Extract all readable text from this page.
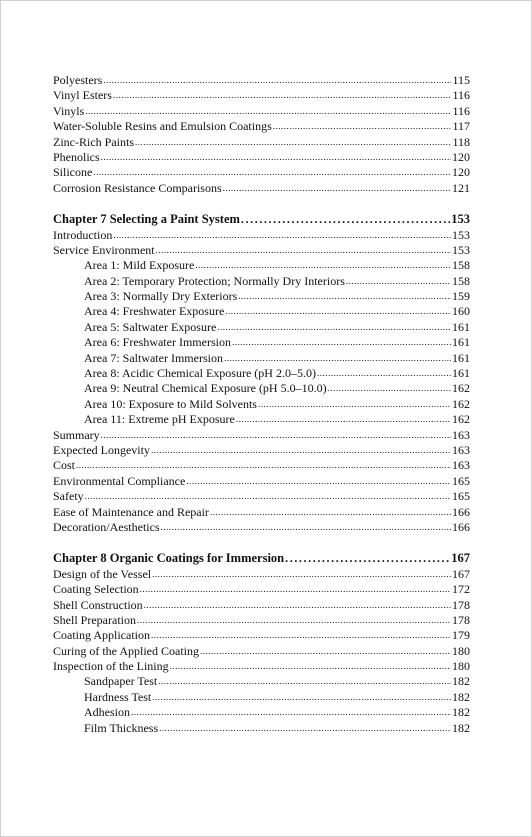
Polyesters .....	115
Vinyl Esters .....	116
Vinyls .....	116
Water-Soluble Resins and Emulsion Coatings .....	117
Zinc-Rich Paints .....	118
Phenolics .....	120
Silicone .....	120
Corrosion Resistance Comparisons .....	121
Chapter 7 Selecting a Paint System .....	153
Introduction .....	153
Service Environment .....	153
Area 1: Mild Exposure .....	158
Area 2: Temporary Protection; Normally Dry Interiors .....	158
Area 3: Normally Dry Exteriors .....	159
Area 4: Freshwater Exposure .....	160
Area 5: Saltwater Exposure .....	161
Area 6: Freshwater Immersion .....	161
Area 7: Saltwater Immersion .....	161
Area 8: Acidic Chemical Exposure (pH 2.0–5.0) .....	161
Area 9: Neutral Chemical Exposure (pH 5.0–10.0) .....	162
Area 10: Exposure to Mild Solvents .....	162
Area 11: Extreme pH Exposure .....	162
Summary .....	163
Expected Longevity .....	163
Cost .....	163
Environmental Compliance .....	165
Safety .....	165
Ease of Maintenance and Repair .....	166
Decoration/Aesthetics .....	166
Chapter 8 Organic Coatings for Immersion .....	167
Design of the Vessel .....	167
Coating Selection .....	172
Shell Construction .....	178
Shell Preparation .....	178
Coating Application .....	179
Curing of the Applied Coating .....	180
Inspection of the Lining .....	180
Sandpaper Test .....	182
Hardness Test .....	182
Adhesion .....	182
Film Thickness .....	182
